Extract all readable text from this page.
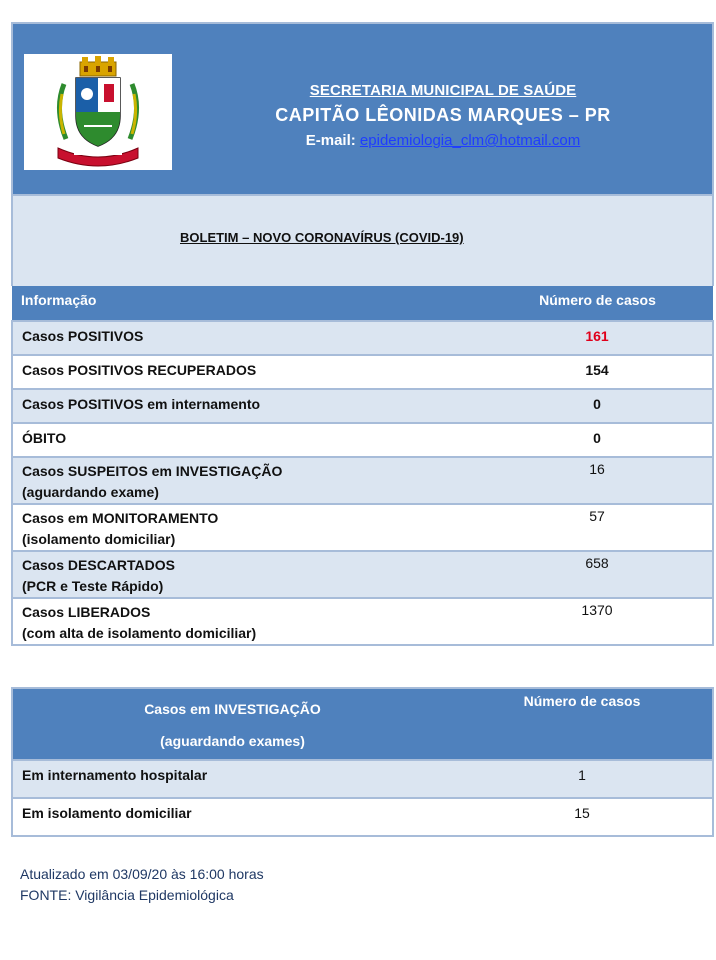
SECRETARIA MUNICIPAL DE SAÚDE
CAPITÃO LÊONIDAS MARQUES – PR
E-mail: epidemiologia_clm@hotmail.com
BOLETIM – NOVO CORONAVÍRUS (COVID-19)
Informação	Número de casos
Casos POSITIVOS	161
Casos POSITIVOS RECUPERADOS	154
Casos POSITIVOS em internamento	0
ÓBITO	0

Casos SUSPEITOS em INVESTIGAÇÃO
(aguardando exame)	16

Casos em MONITORAMENTO
(isolamento domiciliar)	57

Casos DESCARTADOS
(PCR e Teste Rápido)	658

Casos LIBERADOS
(com alta de isolamento domiciliar)	1370
Casos em INVESTIGAÇÃO
(aguardando exames)	Número de casos
Em internamento hospitalar	1
Em isolamento domiciliar	15
Atualizado em 03/09/20 às 16:00 horas
FONTE: Vigilância Epidemiológica
